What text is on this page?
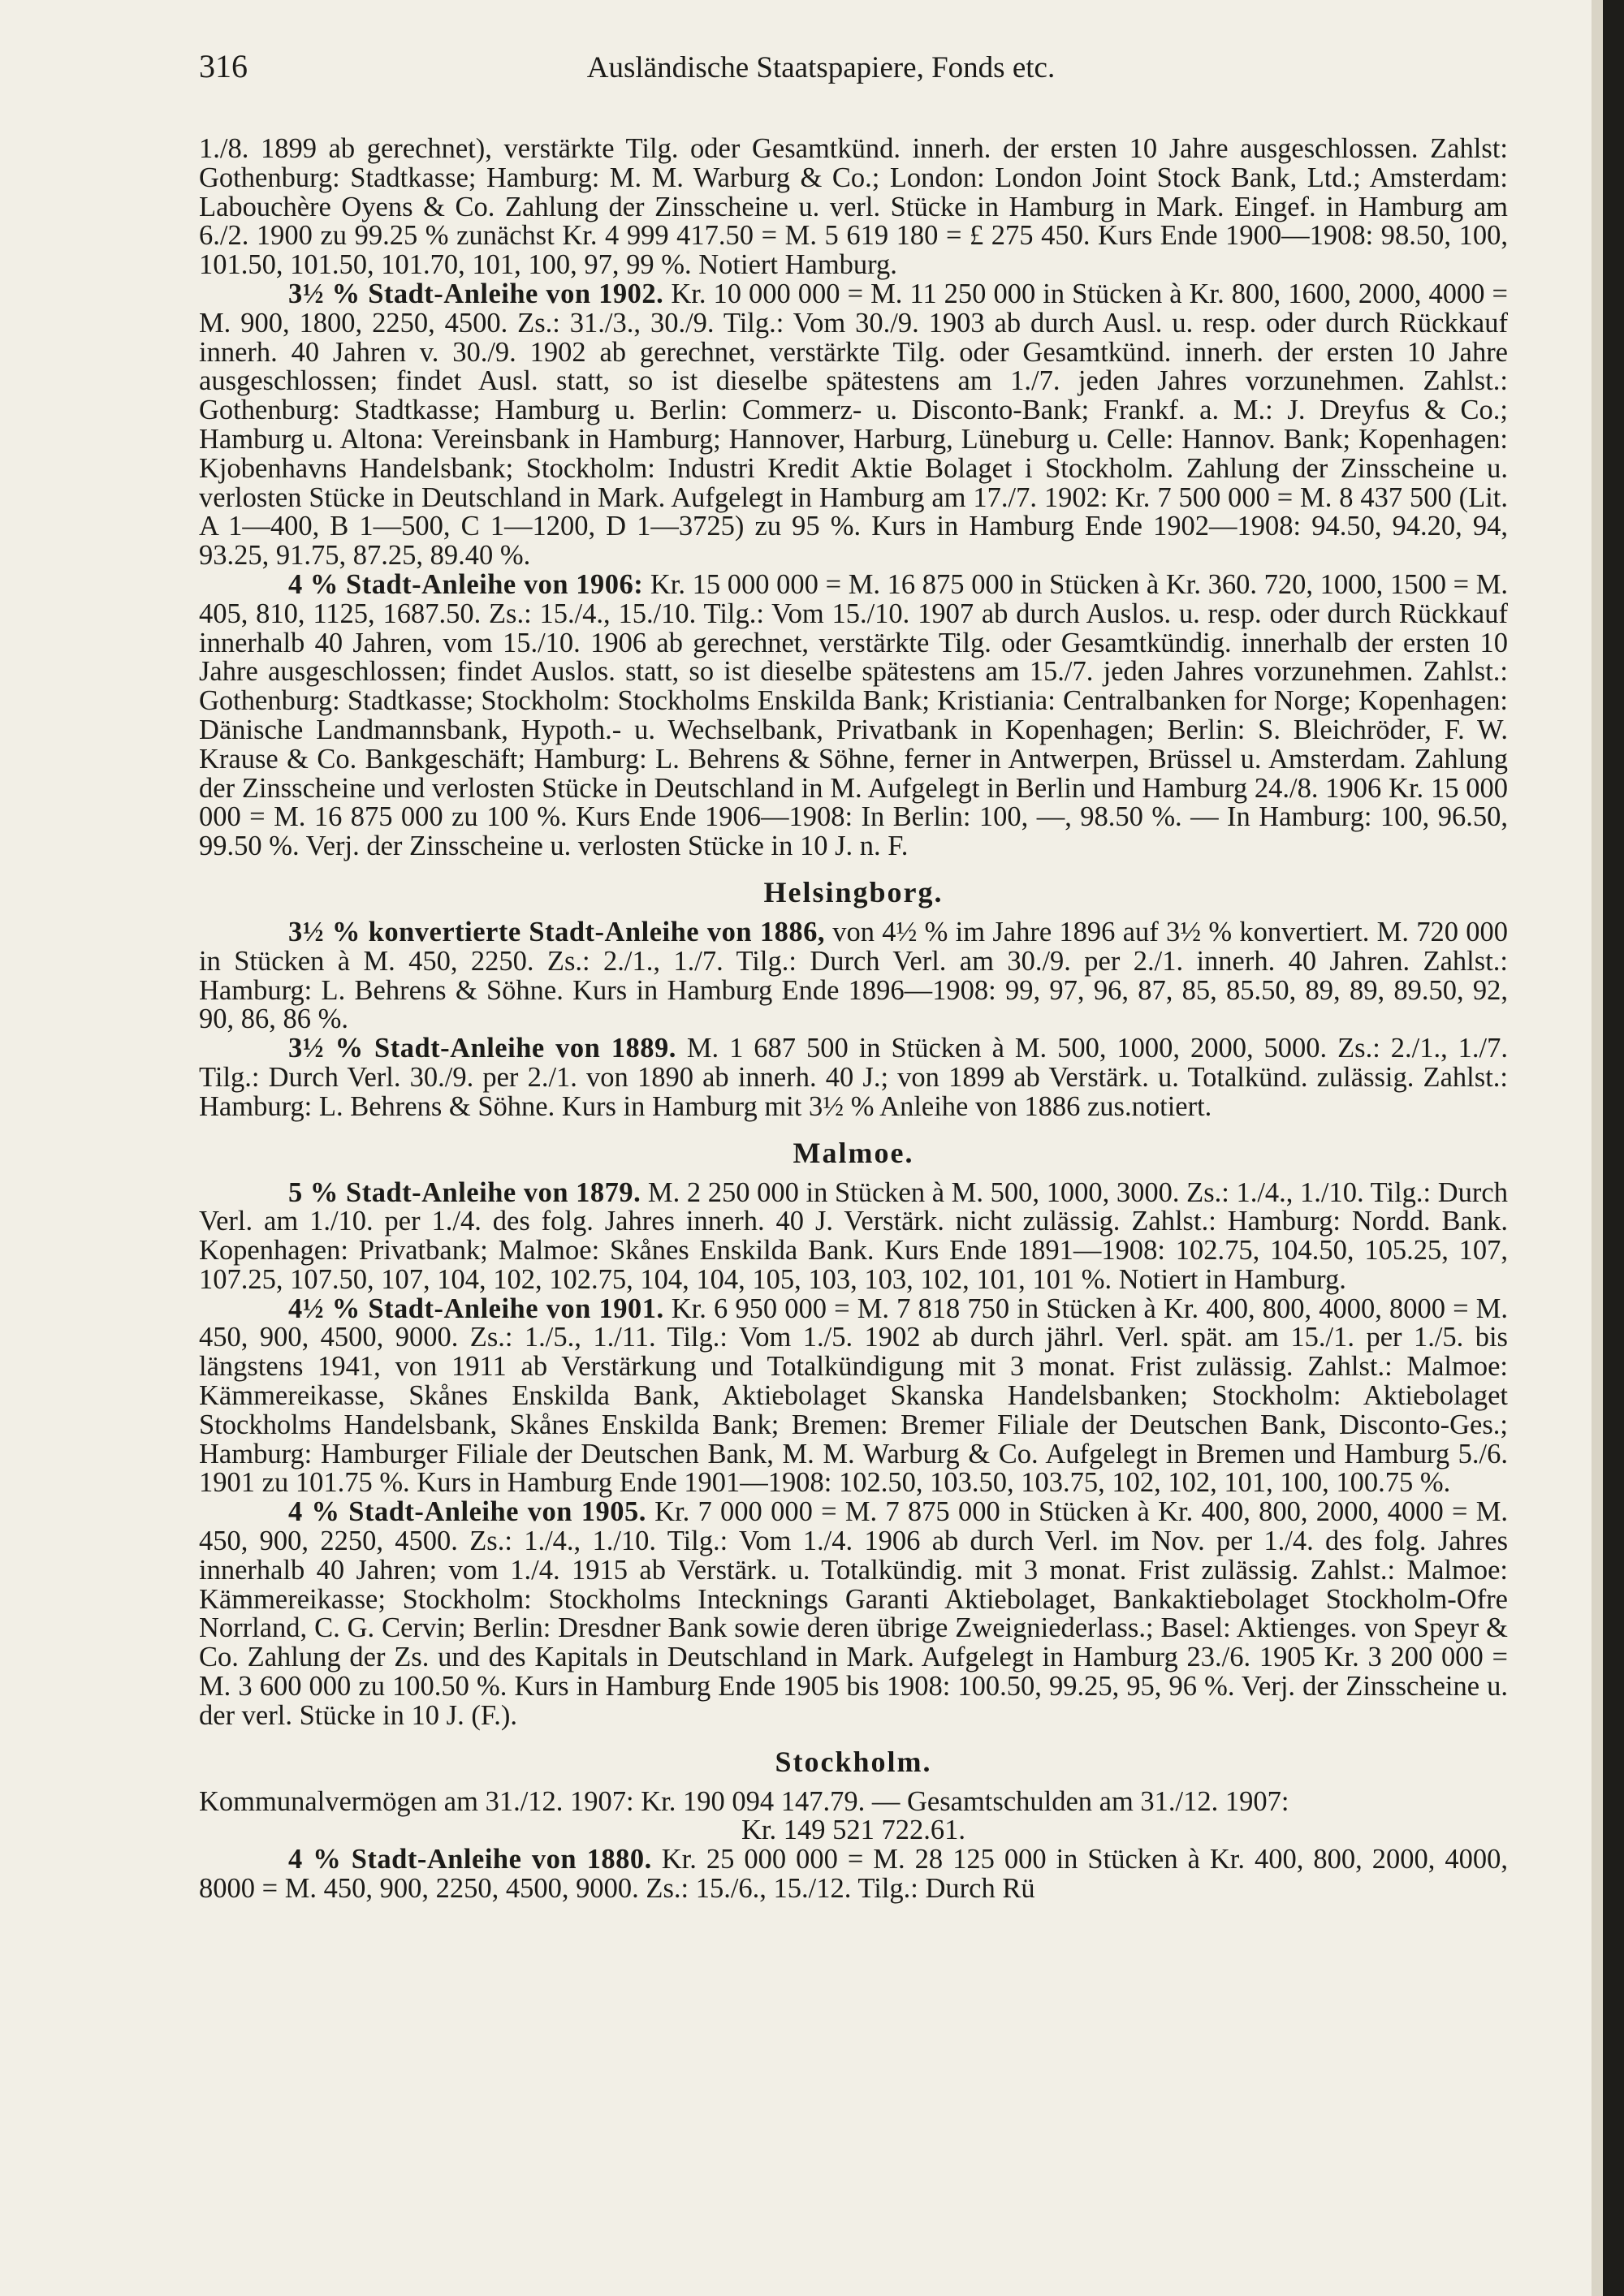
316	Ausländische Staatspapiere, Fonds etc.

1./8. 1899 ab gerechnet), verstärkte Tilg. oder Gesamtkünd. innerh. der ersten 10 Jahre ausgeschlossen. Zahlst: Gothenburg: Stadtkasse; Hamburg: M. M. Warburg & Co.; London: London Joint Stock Bank, Ltd.; Amsterdam: Labouchère Oyens & Co. Zahlung der Zinsscheine u. verl. Stücke in Hamburg in Mark. Eingef. in Hamburg am 6./2. 1900 zu 99.25 % zunächst Kr. 4 999 417.50 = M. 5 619 180 = £ 275 450. Kurs Ende 1900—1908: 98.50, 100, 101.50, 101.50, 101.70, 101, 100, 97, 99 %. Notiert Hamburg.

3½ % Stadt-Anleihe von 1902. Kr. 10 000 000 = M. 11 250 000 in Stücken à Kr. 800, 1600, 2000, 4000 = M. 900, 1800, 2250, 4500. Zs.: 31./3., 30./9. Tilg.: Vom 30./9. 1903 ab durch Ausl. u. resp. oder durch Rückkauf innerh. 40 Jahren v. 30./9. 1902 ab gerechnet, verstärkte Tilg. oder Gesamtkünd. innerh. der ersten 10 Jahre ausgeschlossen; findet Ausl. statt, so ist dieselbe spätestens am 1./7. jeden Jahres vorzunehmen. Zahlst.: Gothenburg: Stadtkasse; Hamburg u. Berlin: Commerz- u. Disconto-Bank; Frankf. a. M.: J. Dreyfus & Co.; Hamburg u. Altona: Vereinsbank in Hamburg; Hannover, Harburg, Lüneburg u. Celle: Hannov. Bank; Kopenhagen: Kjobenhavns Handelsbank; Stockholm: Industri Kredit Aktie Bolaget i Stockholm. Zahlung der Zinsscheine u. verlosten Stücke in Deutschland in Mark. Aufgelegt in Hamburg am 17./7. 1902: Kr. 7 500 000 = M. 8 437 500 (Lit. A 1—400, B 1—500, C 1—1200, D 1—3725) zu 95 %. Kurs in Hamburg Ende 1902—1908: 94.50, 94.20, 94, 93.25, 91.75, 87.25, 89.40 %.

4 % Stadt-Anleihe von 1906: Kr. 15 000 000 = M. 16 875 000 in Stücken à Kr. 360. 720, 1000, 1500 = M. 405, 810, 1125, 1687.50. Zs.: 15./4., 15./10. Tilg.: Vom 15./10. 1907 ab durch Auslos. u. resp. oder durch Rückkauf innerhalb 40 Jahren, vom 15./10. 1906 ab gerechnet, verstärkte Tilg. oder Gesamtkündig. innerhalb der ersten 10 Jahre ausgeschlossen; findet Auslos. statt, so ist dieselbe spätestens am 15./7. jeden Jahres vorzunehmen. Zahlst.: Gothenburg: Stadtkasse; Stockholm: Stockholms Enskilda Bank; Kristiania: Centralbanken for Norge; Kopenhagen: Dänische Landmannsbank, Hypoth.- u. Wechselbank, Privatbank in Kopenhagen; Berlin: S. Bleichröder, F. W. Krause & Co. Bankgeschäft; Hamburg: L. Behrens & Söhne, ferner in Antwerpen, Brüssel u. Amsterdam. Zahlung der Zinsscheine und verlosten Stücke in Deutschland in M. Aufgelegt in Berlin und Hamburg 24./8. 1906 Kr. 15 000 000 = M. 16 875 000 zu 100 %. Kurs Ende 1906—1908: In Berlin: 100, —, 98.50 %. — In Hamburg: 100, 96.50, 99.50 %. Verj. der Zinsscheine u. verlosten Stücke in 10 J. n. F.

Helsingborg.

3½ % konvertierte Stadt-Anleihe von 1886, von 4½ % im Jahre 1896 auf 3½ % konvertiert. M. 720 000 in Stücken à M. 450, 2250. Zs.: 2./1., 1./7. Tilg.: Durch Verl. am 30./9. per 2./1. innerh. 40 Jahren. Zahlst.: Hamburg: L. Behrens & Söhne. Kurs in Hamburg Ende 1896—1908: 99, 97, 96, 87, 85, 85.50, 89, 89, 89.50, 92, 90, 86, 86 %.

3½ % Stadt-Anleihe von 1889. M. 1 687 500 in Stücken à M. 500, 1000, 2000, 5000. Zs.: 2./1., 1./7. Tilg.: Durch Verl. 30./9. per 2./1. von 1890 ab innerh. 40 J.; von 1899 ab Verstärk. u. Totalkünd. zulässig. Zahlst.: Hamburg: L. Behrens & Söhne. Kurs in Hamburg mit 3½ % Anleihe von 1886 zus.notiert.

Malmoe.

5 % Stadt-Anleihe von 1879. M. 2 250 000 in Stücken à M. 500, 1000, 3000. Zs.: 1./4., 1./10. Tilg.: Durch Verl. am 1./10. per 1./4. des folg. Jahres innerh. 40 J. Verstärk. nicht zulässig. Zahlst.: Hamburg: Nordd. Bank. Kopenhagen: Privatbank; Malmoe: Skånes Enskilda Bank. Kurs Ende 1891—1908: 102.75, 104.50, 105.25, 107, 107.25, 107.50, 107, 104, 102, 102.75, 104, 104, 105, 103, 103, 102, 101, 101 %. Notiert in Hamburg.

4½ % Stadt-Anleihe von 1901. Kr. 6 950 000 = M. 7 818 750 in Stücken à Kr. 400, 800, 4000, 8000 = M. 450, 900, 4500, 9000. Zs.: 1./5., 1./11. Tilg.: Vom 1./5. 1902 ab durch jährl. Verl. spät. am 15./1. per 1./5. bis längstens 1941, von 1911 ab Verstärkung und Totalkündigung mit 3 monat. Frist zulässig. Zahlst.: Malmoe: Kämmereikasse, Skånes Enskilda Bank, Aktiebolaget Skanska Handelsbanken; Stockholm: Aktiebolaget Stockholms Handelsbank, Skånes Enskilda Bank; Bremen: Bremer Filiale der Deutschen Bank, Disconto-Ges.; Hamburg: Hamburger Filiale der Deutschen Bank, M. M. Warburg & Co. Aufgelegt in Bremen und Hamburg 5./6. 1901 zu 101.75 %. Kurs in Hamburg Ende 1901—1908: 102.50, 103.50, 103.75, 102, 102, 101, 100, 100.75 %.

4 % Stadt-Anleihe von 1905. Kr. 7 000 000 = M. 7 875 000 in Stücken à Kr. 400, 800, 2000, 4000 = M. 450, 900, 2250, 4500. Zs.: 1./4., 1./10. Tilg.: Vom 1./4. 1906 ab durch Verl. im Nov. per 1./4. des folg. Jahres innerhalb 40 Jahren; vom 1./4. 1915 ab Verstärk. u. Totalkündig. mit 3 monat. Frist zulässig. Zahlst.: Malmoe: Kämmereikasse; Stockholm: Stockholms Intecknings Garanti Aktiebolaget, Bankaktiebolaget Stockholm-Ofre Norrland, C. G. Cervin; Berlin: Dresdner Bank sowie deren übrige Zweigniederlass.; Basel: Aktienges. von Speyr & Co. Zahlung der Zs. und des Kapitals in Deutschland in Mark. Aufgelegt in Hamburg 23./6. 1905 Kr. 3 200 000 = M. 3 600 000 zu 100.50 %. Kurs in Hamburg Ende 1905 bis 1908: 100.50, 99.25, 95, 96 %. Verj. der Zinsscheine u. der verl. Stücke in 10 J. (F.).

Stockholm.

Kommunalvermögen am 31./12. 1907: Kr. 190 094 147.79. — Gesamtschulden am 31./12. 1907:

Kr. 149 521 722.61.

4 % Stadt-Anleihe von 1880. Kr. 25 000 000 = M. 28 125 000 in Stücken à Kr. 400, 800, 2000, 4000, 8000 = M. 450, 900, 2250, 4500, 9000. Zs.: 15./6., 15./12. Tilg.: Durch Rü
